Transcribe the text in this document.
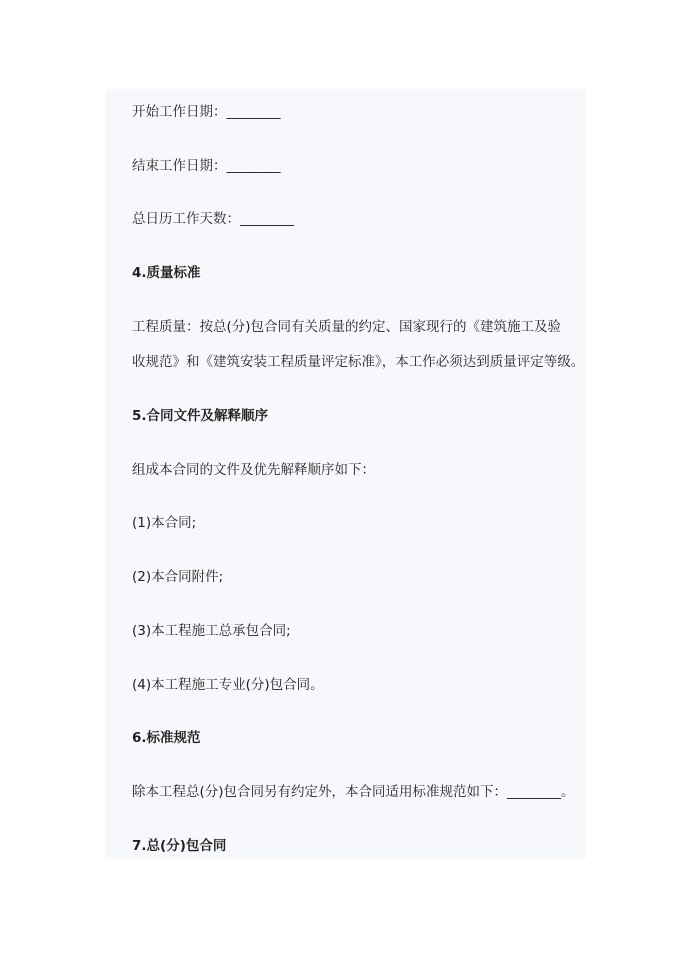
开始工作日期：________

结束工作日期：________

总日历工作天数：________

4.质量标准

工程质量：按总(分)包合同有关质量的约定、国家现行的《建筑施工及验

收规范》和《建筑安装工程质量评定标准》，本工作必须达到质量评定等级。

5.合同文件及解释顺序

组成本合同的文件及优先解释顺序如下：

(1)本合同;

(2)本合同附件;

(3)本工程施工总承包合同;

(4)本工程施工专业(分)包合同。

6.标准规范

除本工程总(分)包合同另有约定外，本合同适用标准规范如下：________。

7.总(分)包合同
